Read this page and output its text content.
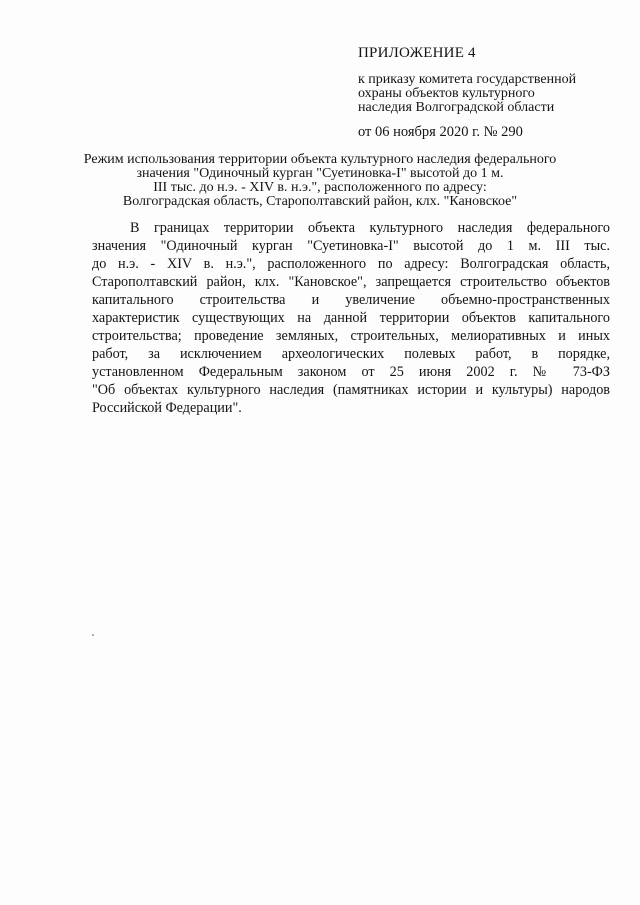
ПРИЛОЖЕНИЕ 4
к приказу комитета государственной
охраны объектов культурного
наследия Волгоградской области
от 06 ноября 2020 г. № 290
Режим использования территории объекта культурного наследия федерального
значения "Одиночный курган "Суетиновка-I" высотой до 1 м.
III тыс. до н.э. - XIV в. н.э.", расположенного по адресу:
Волгоградская область, Старополтавский район, клх. "Кановское"
В границах территории объекта культурного наследия федерального
значения "Одиночный курган "Суетиновка-I" высотой до 1 м. III тыс.
до н.э. - XIV в. н.э.", расположенного по адресу: Волгоградская область,
Старополтавский район, клх. "Кановское", запрещается строительство объектов
капитального строительства и увеличение объемно-пространственных
характеристик существующих на данной территории объектов капитального
строительства; проведение земляных, строительных, мелиоративных и иных
работ, за исключением археологических полевых работ, в порядке,
установленном Федеральным законом от 25 июня 2002 г. № 73-ФЗ
"Об объектах культурного наследия (памятниках истории и культуры) народов
Российской Федерации".
